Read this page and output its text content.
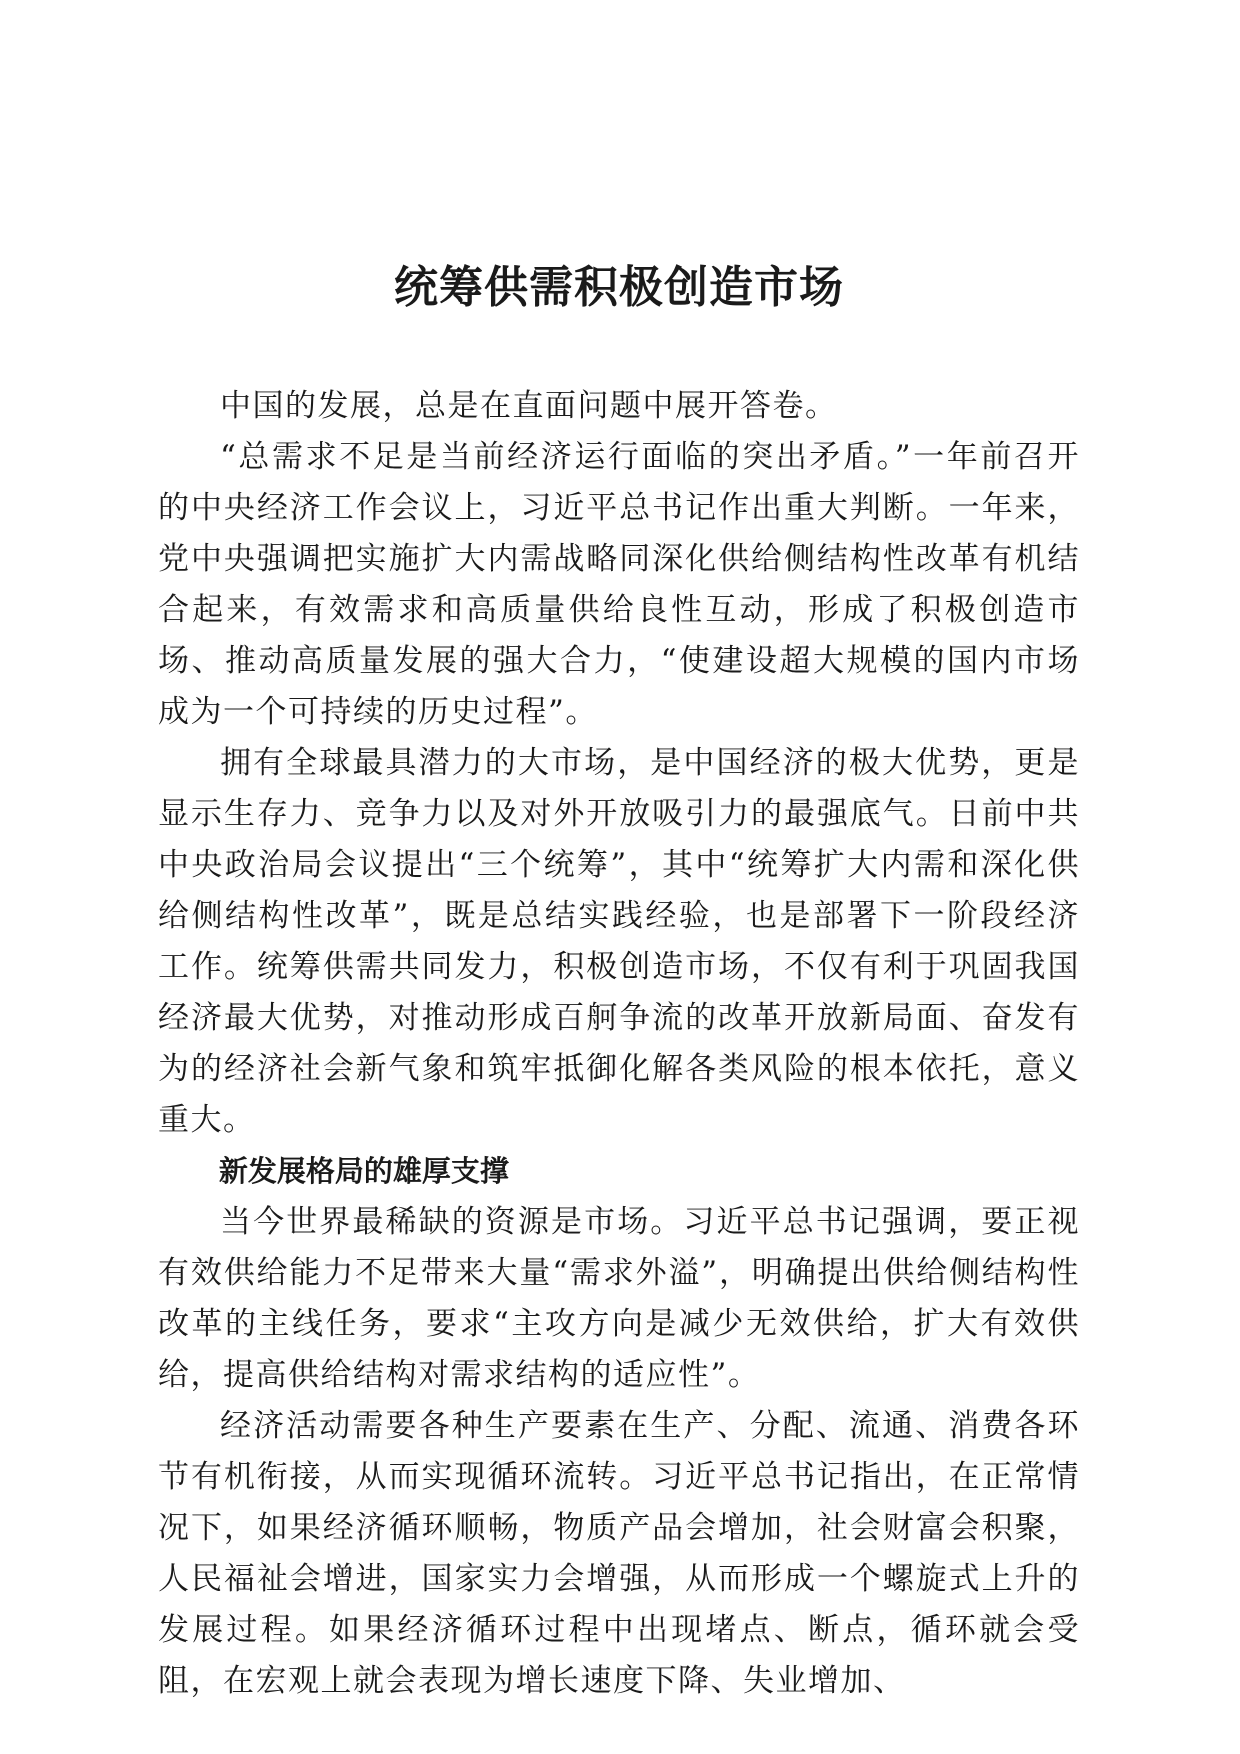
统筹供需积极创造市场

中国的发展，总是在直面问题中展开答卷。

“总需求不足是当前经济运行面临的突出矛盾。”一年前召开的中央经济工作会议上，习近平总书记作出重大判断。一年来，党中央强调把实施扩大内需战略同深化供给侧结构性改革有机结合起来，有效需求和高质量供给良性互动，形成了积极创造市场、推动高质量发展的强大合力，“使建设超大规模的国内市场成为一个可持续的历史过程”。

拥有全球最具潜力的大市场，是中国经济的极大优势，更是显示生存力、竞争力以及对外开放吸引力的最强底气。日前中共中央政治局会议提出“三个统筹”，其中“统筹扩大内需和深化供给侧结构性改革”，既是总结实践经验，也是部署下一阶段经济工作。统筹供需共同发力，积极创造市场，不仅有利于巩固我国经济最大优势，对推动形成百舸争流的改革开放新局面、奋发有为的经济社会新气象和筑牢抵御化解各类风险的根本依托，意义重大。

新发展格局的雄厚支撑

当今世界最稀缺的资源是市场。习近平总书记强调，要正视有效供给能力不足带来大量“需求外溢”，明确提出供给侧结构性改革的主线任务，要求“主攻方向是减少无效供给，扩大有效供给，提高供给结构对需求结构的适应性”。

经济活动需要各种生产要素在生产、分配、流通、消费各环节有机衔接，从而实现循环流转。习近平总书记指出，在正常情况下，如果经济循环顺畅，物质产品会增加，社会财富会积聚，人民福祉会增进，国家实力会增强，从而形成一个螺旋式上升的发展过程。如果经济循环过程中出现堵点、断点，循环就会受阻，在宏观上就会表现为增长速度下降、失业增加、
